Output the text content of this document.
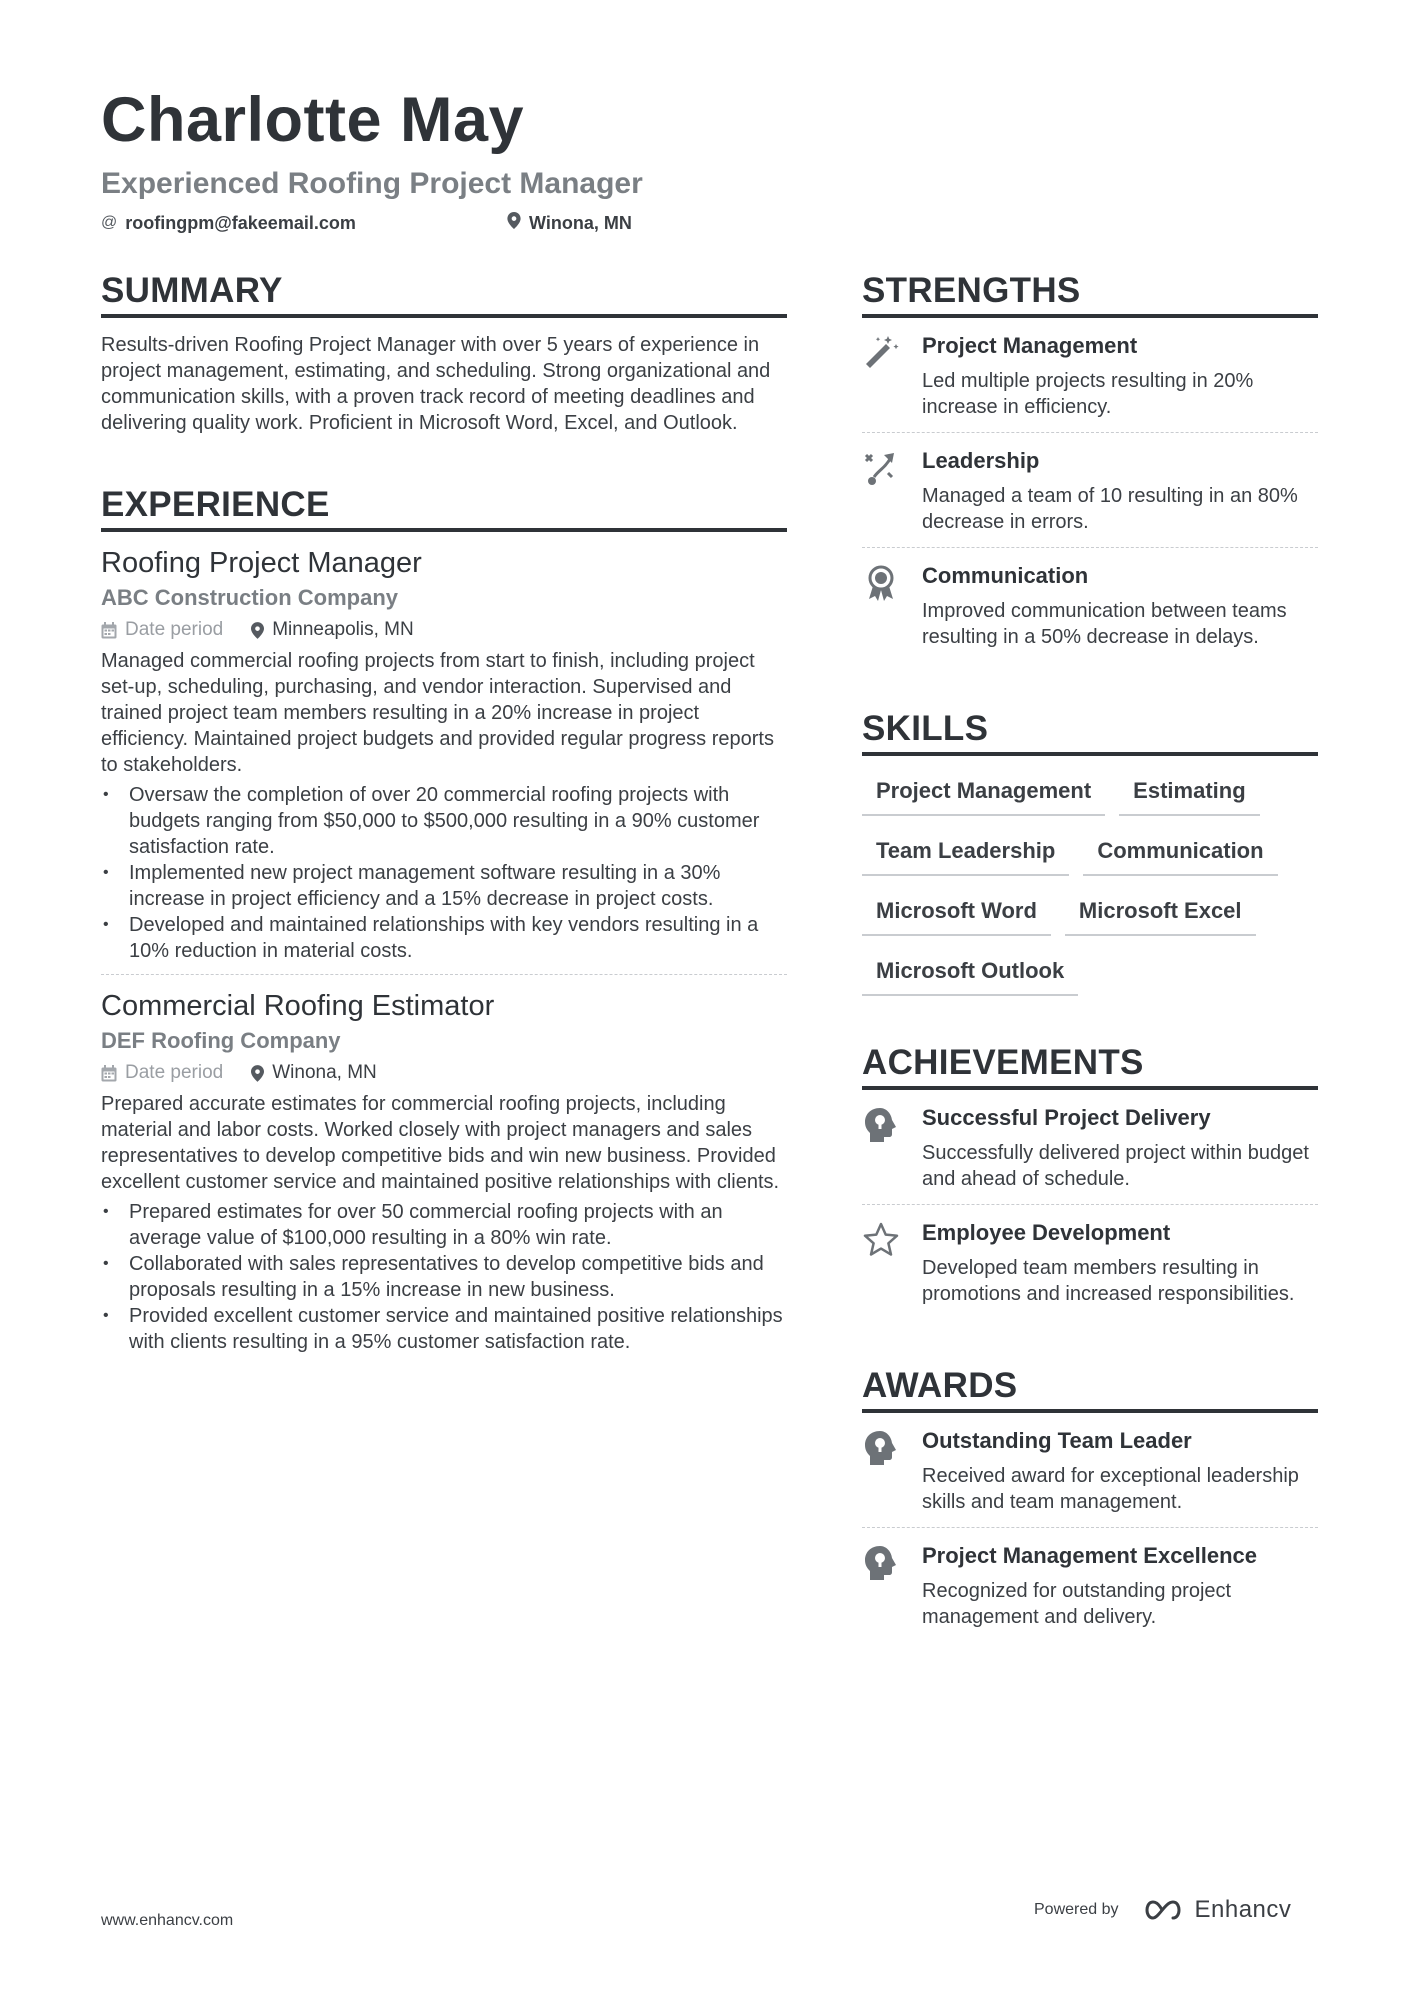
Charlotte May
Experienced Roofing Project Manager
@ roofingpm@fakeemail.com	Winona, MN
SUMMARY
Results-driven Roofing Project Manager with over 5 years of experience in project management, estimating, and scheduling. Strong organizational and communication skills, with a proven track record of meeting deadlines and delivering quality work. Proficient in Microsoft Word, Excel, and Outlook.
EXPERIENCE
Roofing Project Manager
ABC Construction Company
Date period	Minneapolis, MN
Managed commercial roofing projects from start to finish, including project set-up, scheduling, purchasing, and vendor interaction. Supervised and trained project team members resulting in a 20% increase in project efficiency. Maintained project budgets and provided regular progress reports to stakeholders.
• Oversaw the completion of over 20 commercial roofing projects with budgets ranging from $50,000 to $500,000 resulting in a 90% customer satisfaction rate.
• Implemented new project management software resulting in a 30% increase in project efficiency and a 15% decrease in project costs.
• Developed and maintained relationships with key vendors resulting in a 10% reduction in material costs.
Commercial Roofing Estimator
DEF Roofing Company
Date period	Winona, MN
Prepared accurate estimates for commercial roofing projects, including material and labor costs. Worked closely with project managers and sales representatives to develop competitive bids and win new business. Provided excellent customer service and maintained positive relationships with clients.
• Prepared estimates for over 50 commercial roofing projects with an average value of $100,000 resulting in a 80% win rate.
• Collaborated with sales representatives to develop competitive bids and proposals resulting in a 15% increase in new business.
• Provided excellent customer service and maintained positive relationships with clients resulting in a 95% customer satisfaction rate.
STRENGTHS
Project Management
Led multiple projects resulting in 20% increase in efficiency.
Leadership
Managed a team of 10 resulting in an 80% decrease in errors.
Communication
Improved communication between teams resulting in a 50% decrease in delays.
SKILLS
Project Management	Estimating
Team Leadership	Communication
Microsoft Word	Microsoft Excel
Microsoft Outlook
ACHIEVEMENTS
Successful Project Delivery
Successfully delivered project within budget and ahead of schedule.
Employee Development
Developed team members resulting in promotions and increased responsibilities.
AWARDS
Outstanding Team Leader
Received award for exceptional leadership skills and team management.
Project Management Excellence
Recognized for outstanding project management and delivery.
www.enhancv.com
Powered by	Enhancv
